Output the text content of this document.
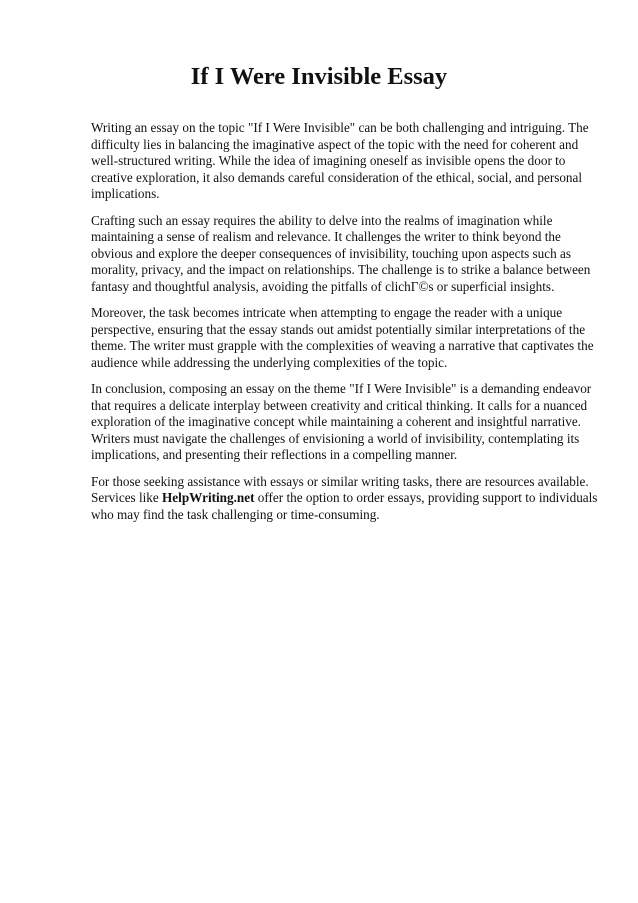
If I Were Invisible Essay

Writing an essay on the topic "If I Were Invisible" can be both challenging and intriguing. The difficulty lies in balancing the imaginative aspect of the topic with the need for coherent and well-structured writing. While the idea of imagining oneself as invisible opens the door to creative exploration, it also demands careful consideration of the ethical, social, and personal implications.

Crafting such an essay requires the ability to delve into the realms of imagination while maintaining a sense of realism and relevance. It challenges the writer to think beyond the obvious and explore the deeper consequences of invisibility, touching upon aspects such as morality, privacy, and the impact on relationships. The challenge is to strike a balance between fantasy and thoughtful analysis, avoiding the pitfalls of clichГ©s or superficial insights.

Moreover, the task becomes intricate when attempting to engage the reader with a unique perspective, ensuring that the essay stands out amidst potentially similar interpretations of the theme. The writer must grapple with the complexities of weaving a narrative that captivates the audience while addressing the underlying complexities of the topic.

In conclusion, composing an essay on the theme "If I Were Invisible" is a demanding endeavor that requires a delicate interplay between creativity and critical thinking. It calls for a nuanced exploration of the imaginative concept while maintaining a coherent and insightful narrative. Writers must navigate the challenges of envisioning a world of invisibility, contemplating its implications, and presenting their reflections in a compelling manner.

For those seeking assistance with essays or similar writing tasks, there are resources available. Services like HelpWriting.net offer the option to order essays, providing support to individuals who may find the task challenging or time-consuming.
